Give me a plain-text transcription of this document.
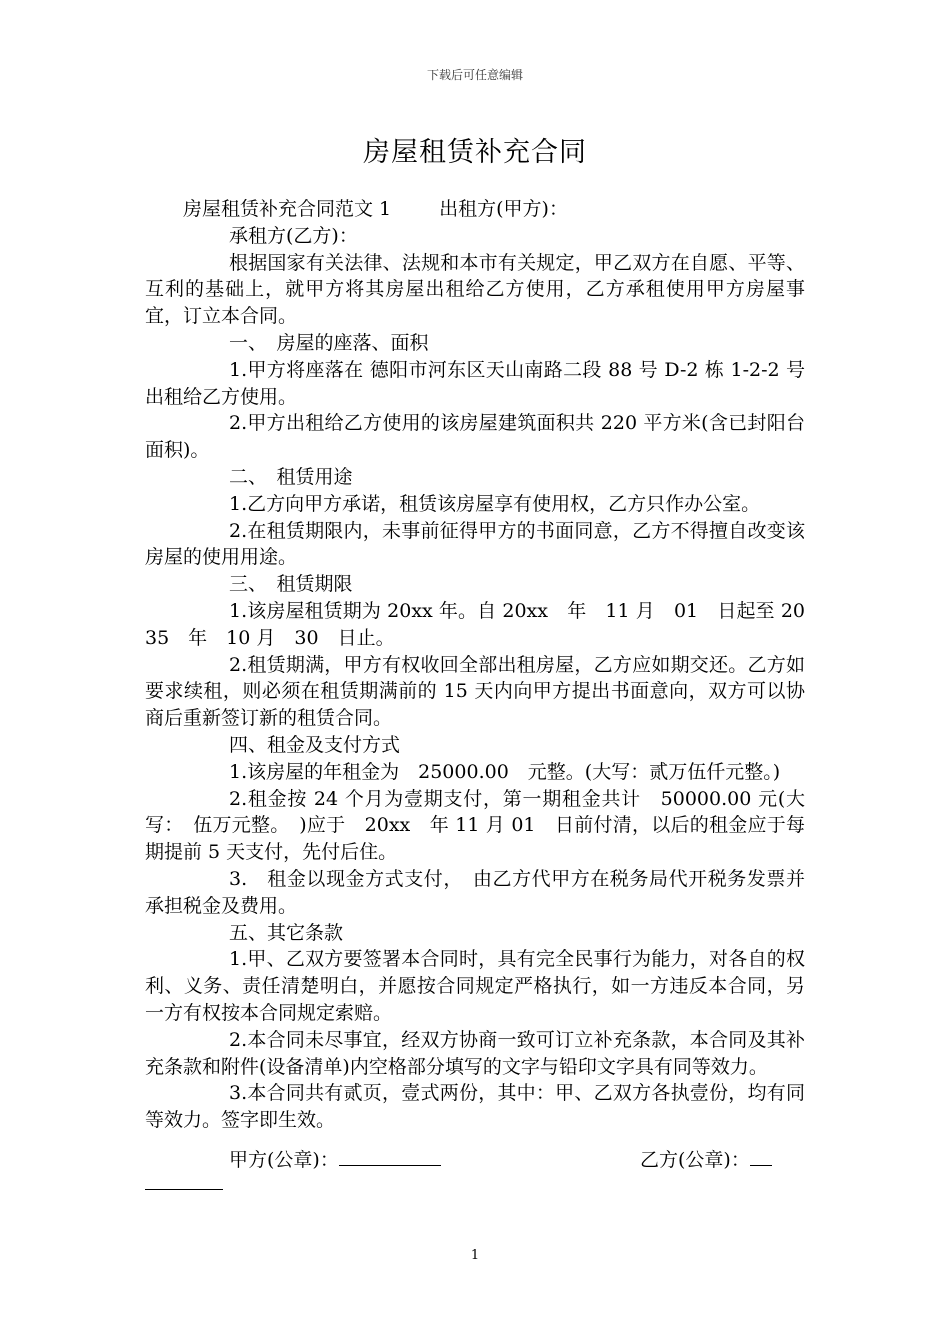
下载后可任意编辑
房屋租赁补充合同

房屋租赁补充合同范文 1	出租方(甲方)：

承租方(乙方)：

根据国家有关法律、法规和本市有关规定，甲乙双方在自愿、平等、互利的基础上，就甲方将其房屋出租给乙方使用，乙方承租使用甲方房屋事宜，订立本合同。

一、　房屋的座落、面积

1.甲方将座落在 德阳市河东区天山南路二段 88 号 D-2 栋 1-2-2 号 出租给乙方使用。

2.甲方出租给乙方使用的该房屋建筑面积共 220 平方米(含已封阳台面积)。

二、　租赁用途

1.乙方向甲方承诺，租赁该房屋享有使用权，乙方只作办公室。

2.在租赁期限内，未事前征得甲方的书面同意，乙方不得擅自改变该房屋的使用用途。

三、　租赁期限

1.该房屋租赁期为 20xx 年。自 20xx　年　11 月　01　日起至 2035　年　10 月　30　日止。

2.租赁期满，甲方有权收回全部出租房屋，乙方应如期交还。乙方如要求续租，则必须在租赁期满前的 15 天内向甲方提出书面意向，双方可以协商后重新签订新的租赁合同。

四、租金及支付方式

1.该房屋的年租金为　25000.00　元整。(大写：贰万伍仟元整。)

2.租金按 24 个月为壹期支付，第一期租金共计　50000.00 元(大写：　伍万元整。　)应于　20xx　年 11 月 01　日前付清，以后的租金应于每期提前 5 天支付，先付后住。

3.　租金以现金方式支付，　由乙方代甲方在税务局代开税务发票并承担税金及费用。

五、其它条款

1.甲、乙双方要签署本合同时，具有完全民事行为能力，对各自的权利、义务、责任清楚明白，并愿按合同规定严格执行，如一方违反本合同，另一方有权按本合同规定索赔。

2.本合同未尽事宜，经双方协商一致可订立补充条款，本合同及其补充条款和附件(设备清单)内空格部分填写的文字与铅印文字具有同等效力。

3.本合同共有贰页，壹式两份，其中：甲、乙双方各执壹份，均有同等效力。签字即生效。

甲方(公章)：	乙方(公章)：
1
